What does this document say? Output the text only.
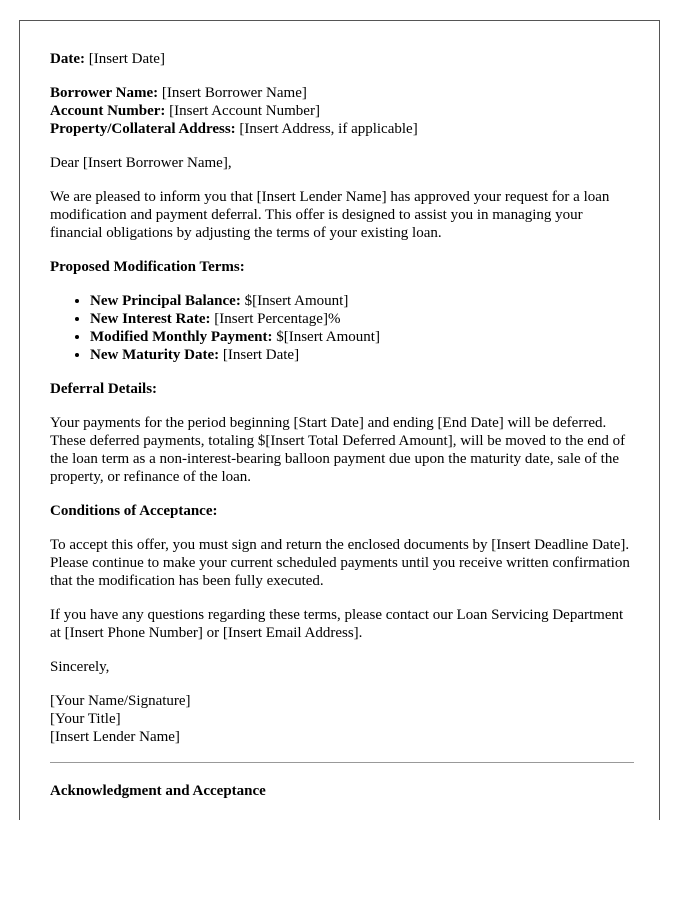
Date: [Insert Date]

Borrower Name: [Insert Borrower Name]

Account Number: [Insert Account Number]

Property/Collateral Address: [Insert Address, if applicable]

Dear [Insert Borrower Name],

We are pleased to inform you that [Insert Lender Name] has approved your request for a loan modification and payment deferral. This offer is designed to assist you in managing your financial obligations by adjusting the terms of your existing loan.

Proposed Modification Terms:

• New Principal Balance: $[Insert Amount]
• New Interest Rate: [Insert Percentage]%
• Modified Monthly Payment: $[Insert Amount]
• New Maturity Date: [Insert Date]

Deferral Details:

Your payments for the period beginning [Start Date] and ending [End Date] will be deferred. These deferred payments, totaling $[Insert Total Deferred Amount], will be moved to the end of the loan term as a non-interest-bearing balloon payment due upon the maturity date, sale of the property, or refinance of the loan.

Conditions of Acceptance:

To accept this offer, you must sign and return the enclosed documents by [Insert Deadline Date]. Please continue to make your current scheduled payments until you receive written confirmation that the modification has been fully executed.

If you have any questions regarding these terms, please contact our Loan Servicing Department at [Insert Phone Number] or [Insert Email Address].

Sincerely,

[Your Name/Signature]

[Your Title]

[Insert Lender Name]

Acknowledgment and Acceptance
